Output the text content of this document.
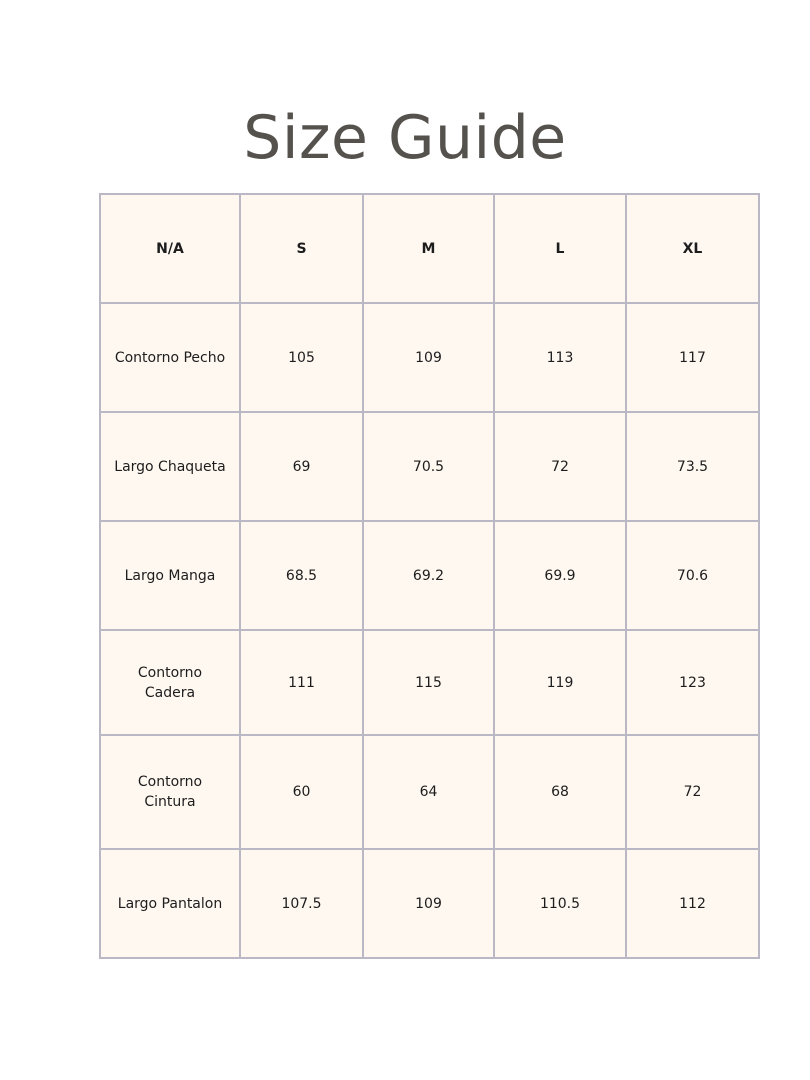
Size Guide
N/A	S	M	L	XL
Contorno Pecho	105	109	113	117
Largo Chaqueta	69	70.5	72	73.5
Largo Manga	68.5	69.2	69.9	70.6
Contorno Cadera	111	115	119	123
Contorno Cintura	60	64	68	72
Largo Pantalon	107.5	109	110.5	112
